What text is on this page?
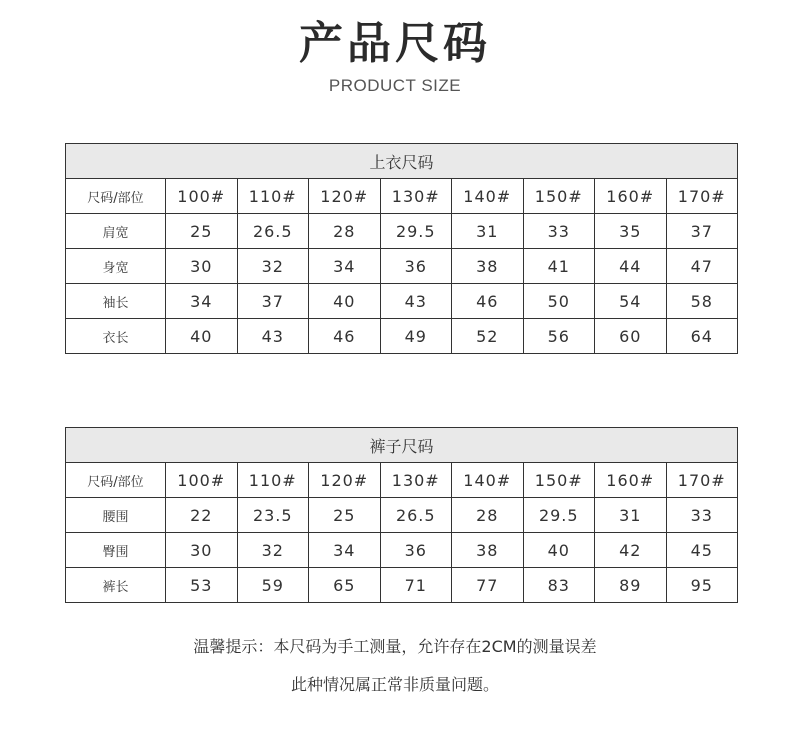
产品尺码
PRODUCT SIZE
上衣尺码								
尺码/部位	100#	110#	120#	130#	140#	150#	160#	170#
肩宽	25	26.5	28	29.5	31	33	35	37
身宽	30	32	34	36	38	41	44	47
袖长	34	37	40	43	46	50	54	58
衣长	40	43	46	49	52	56	60	64
裤子尺码								
尺码/部位	100#	110#	120#	130#	140#	150#	160#	170#
腰围	22	23.5	25	26.5	28	29.5	31	33
臀围	30	32	34	36	38	40	42	45
裤长	53	59	65	71	77	83	89	95
温馨提示：本尺码为手工测量，允许存在2CM的测量误差
此种情况属正常非质量问题。
